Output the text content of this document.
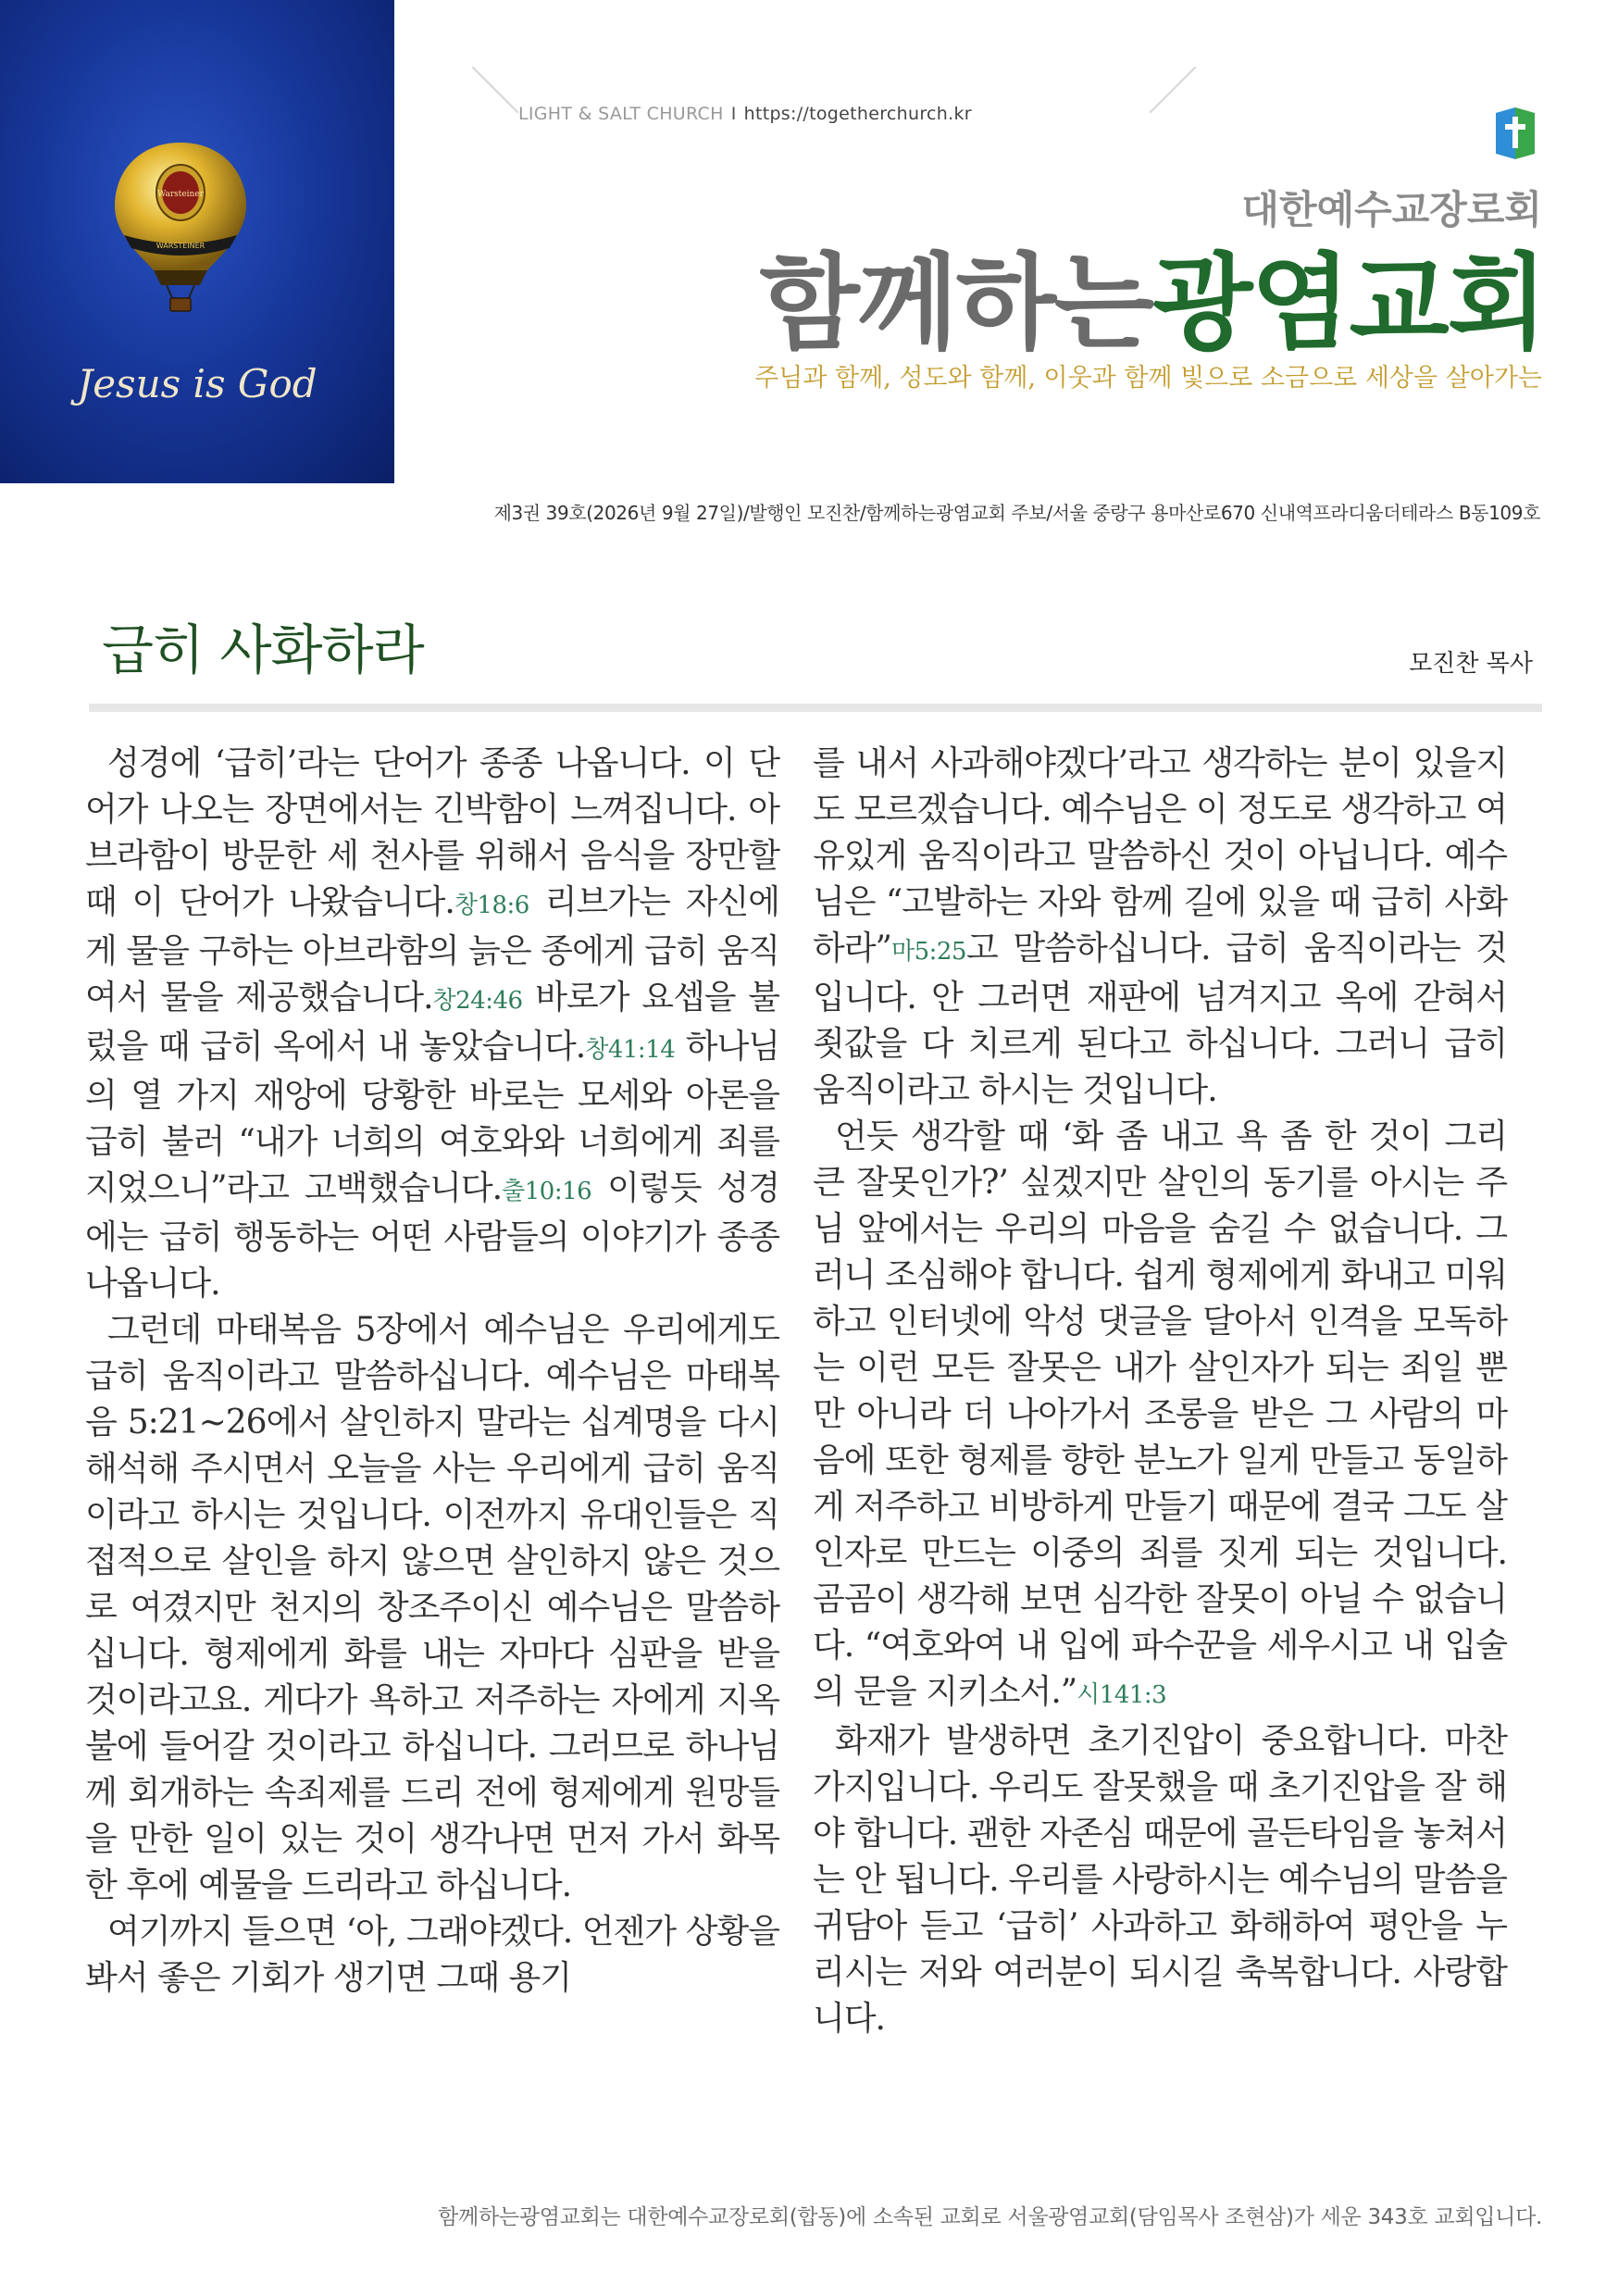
Warsteiner
WARSTEINER
Jesus is God
LIGHT & SALT CHURCH I https://togetherchurch.kr
대한예수교장로회
함께하는광염교회
주님과 함께, 성도와 함께, 이웃과 함께 빛으로 소금으로 세상을 살아가는
제3권 39호(2026년 9월 27일)/발행인 모진찬/함께하는광염교회 주보/서울 중랑구 용마산로670 신내역프라디움더테라스 B동109호
급히 사화하라	모진찬 목사

성경에 ‘급히’라는 단어가 종종 나옵니다. 이 단어가 나오는 장면에서는 긴박함이 느껴집니다. 아브라함이 방문한 세 천사를 위해서 음식을 장만할 때 이 단어가 나왔습니다.창18:6 리브가는 자신에게 물을 구하는 아브라함의 늙은 종에게 급히 움직여서 물을 제공했습니다.창24:46 바로가 요셉을 불렀을 때 급히 옥에서 내 놓았습니다.창41:14 하나님의 열 가지 재앙에 당황한 바로는 모세와 아론을 급히 불러 “내가 너희의 여호와와 너희에게 죄를 지었으니”라고 고백했습니다.출10:16 이렇듯 성경에는 급히 행동하는 어떤 사람들의 이야기가 종종 나옵니다.

그런데 마태복음 5장에서 예수님은 우리에게도 급히 움직이라고 말씀하십니다. 예수님은 마태복음 5:21~26에서 살인하지 말라는 십계명을 다시 해석해 주시면서 오늘을 사는 우리에게 급히 움직이라고 하시는 것입니다. 이전까지 유대인들은 직접적으로 살인을 하지 않으면 살인하지 않은 것으로 여겼지만 천지의 창조주이신 예수님은 말씀하십니다. 형제에게 화를 내는 자마다 심판을 받을 것이라고요. 게다가 욕하고 저주하는 자에게 지옥불에 들어갈 것이라고 하십니다. 그러므로 하나님께 회개하는 속죄제를 드리 전에 형제에게 원망들을 만한 일이 있는 것이 생각나면 먼저 가서 화목한 후에 예물을 드리라고 하십니다.

여기까지 들으면 ‘아, 그래야겠다. 언젠가 상황을 봐서 좋은 기회가 생기면 그때 용기

를 내서 사과해야겠다’라고 생각하는 분이 있을지도 모르겠습니다. 예수님은 이 정도로 생각하고 여유있게 움직이라고 말씀하신 것이 아닙니다. 예수님은 “고발하는 자와 함께 길에 있을 때 급히 사화하라”마5:25고 말씀하십니다. 급히 움직이라는 것입니다. 안 그러면 재판에 넘겨지고 옥에 갇혀서 죗값을 다 치르게 된다고 하십니다. 그러니 급히 움직이라고 하시는 것입니다.

언듯 생각할 때 ‘화 좀 내고 욕 좀 한 것이 그리 큰 잘못인가?’ 싶겠지만 살인의 동기를 아시는 주님 앞에서는 우리의 마음을 숨길 수 없습니다. 그러니 조심해야 합니다. 쉽게 형제에게 화내고 미워하고 인터넷에 악성 댓글을 달아서 인격을 모독하는 이런 모든 잘못은 내가 살인자가 되는 죄일 뿐만 아니라 더 나아가서 조롱을 받은 그 사람의 마음에 또한 형제를 향한 분노가 일게 만들고 동일하게 저주하고 비방하게 만들기 때문에 결국 그도 살인자로 만드는 이중의 죄를 짓게 되는 것입니다. 곰곰이 생각해 보면 심각한 잘못이 아닐 수 없습니다. “여호와여 내 입에 파수꾼을 세우시고 내 입술의 문을 지키소서.”시141:3

화재가 발생하면 초기진압이 중요합니다. 마찬가지입니다. 우리도 잘못했을 때 초기진압을 잘 해야 합니다. 괜한 자존심 때문에 골든타임을 놓쳐서는 안 됩니다. 우리를 사랑하시는 예수님의 말씀을 귀담아 듣고 ‘급히’ 사과하고 화해하여 평안을 누리시는 저와 여러분이 되시길 축복합니다. 사랑합니다.

함께하는광염교회는 대한예수교장로회(합동)에 소속된 교회로 서울광염교회(담임목사 조현삼)가 세운 343호 교회입니다.
